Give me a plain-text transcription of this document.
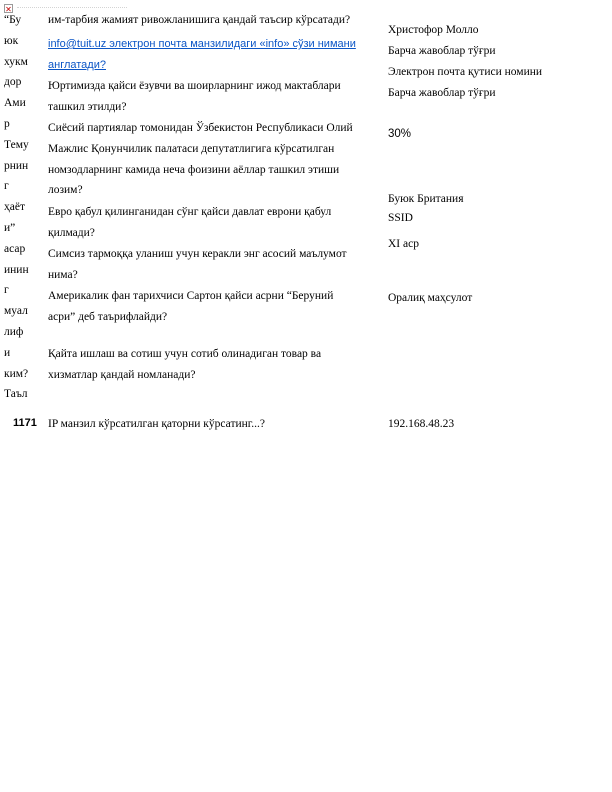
✕
“Бу
юк
хукм
дор
Ами
р
Тему
рнин
г
ҳаёт
и”
асар
инин
г
муал
лиф
и
ким?
Таъл
им-тарбия жамият ривожланишига қандай таъсир кўрсатади?
info@tuit.uz электрон почта манзилидаги «info» сўзи нимани
англатади?
Юртимизда қайси ёзувчи ва шоирларнинг ижод мактаблари
ташкил этилди?
Сиёсий партиялар томонидан Ўзбекистон Республикаси Олий
Мажлис Қонунчилик палатаси депутатлигига кўрсатилган
номзодларнинг камида неча фоизини аёллар ташкил этиши
лозим?
Евро қабул қилинганидан сўнг қайси давлат еврони қабул
қилмади?
Симсиз тармоққа уланиш учун керакли энг асосий маълумот
нима?
Америкалик фан тарихчиси Сартон қайси асрни “Беруний
асри” деб таърифлайди?
Қайта ишлаш ва сотиш учун сотиб олинадиган товар ва
хизматлар қандай номланади?
Христофор Молло
Барча жавоблар тўғри
Электрон почта қутиси номини
Барча жавоблар тўғри
30%
Буюк Британия
SSID
XI аср
Оралиқ маҳсулот
1171 IP манзил кўрсатилган қаторни кўрсатинг...?	192.168.48.23
